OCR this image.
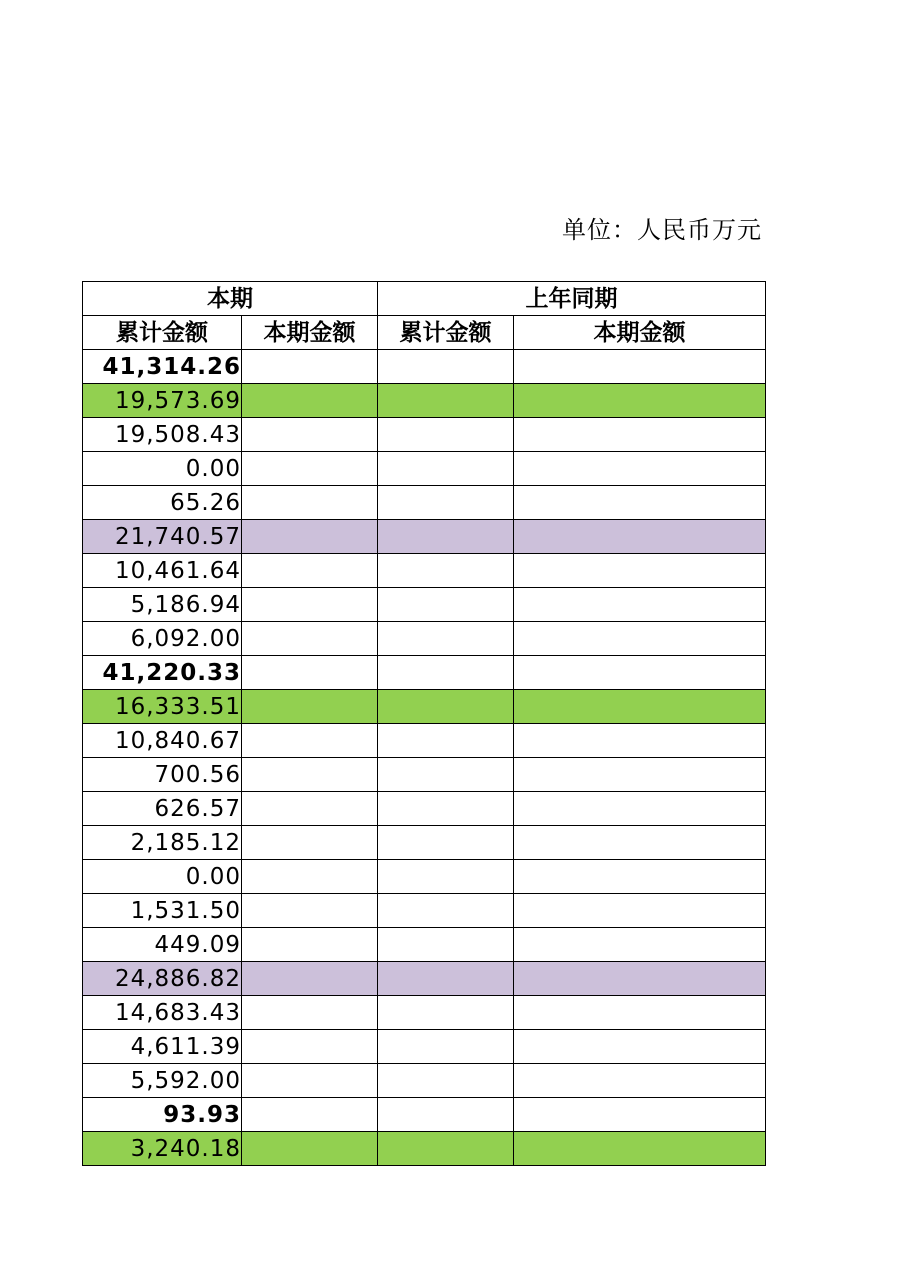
单位：人民币万元
本期		上年同期	
累计金额	本期金额	累计金额	本期金额
41,314.26			
19,573.69			
19,508.43			
0.00			
65.26			
21,740.57			
10,461.64			
5,186.94			
6,092.00			
41,220.33			
16,333.51			
10,840.67			
700.56			
626.57			
2,185.12			
0.00			
1,531.50			
449.09			
24,886.82			
14,683.43			
4,611.39			
5,592.00			
93.93			
3,240.18			
